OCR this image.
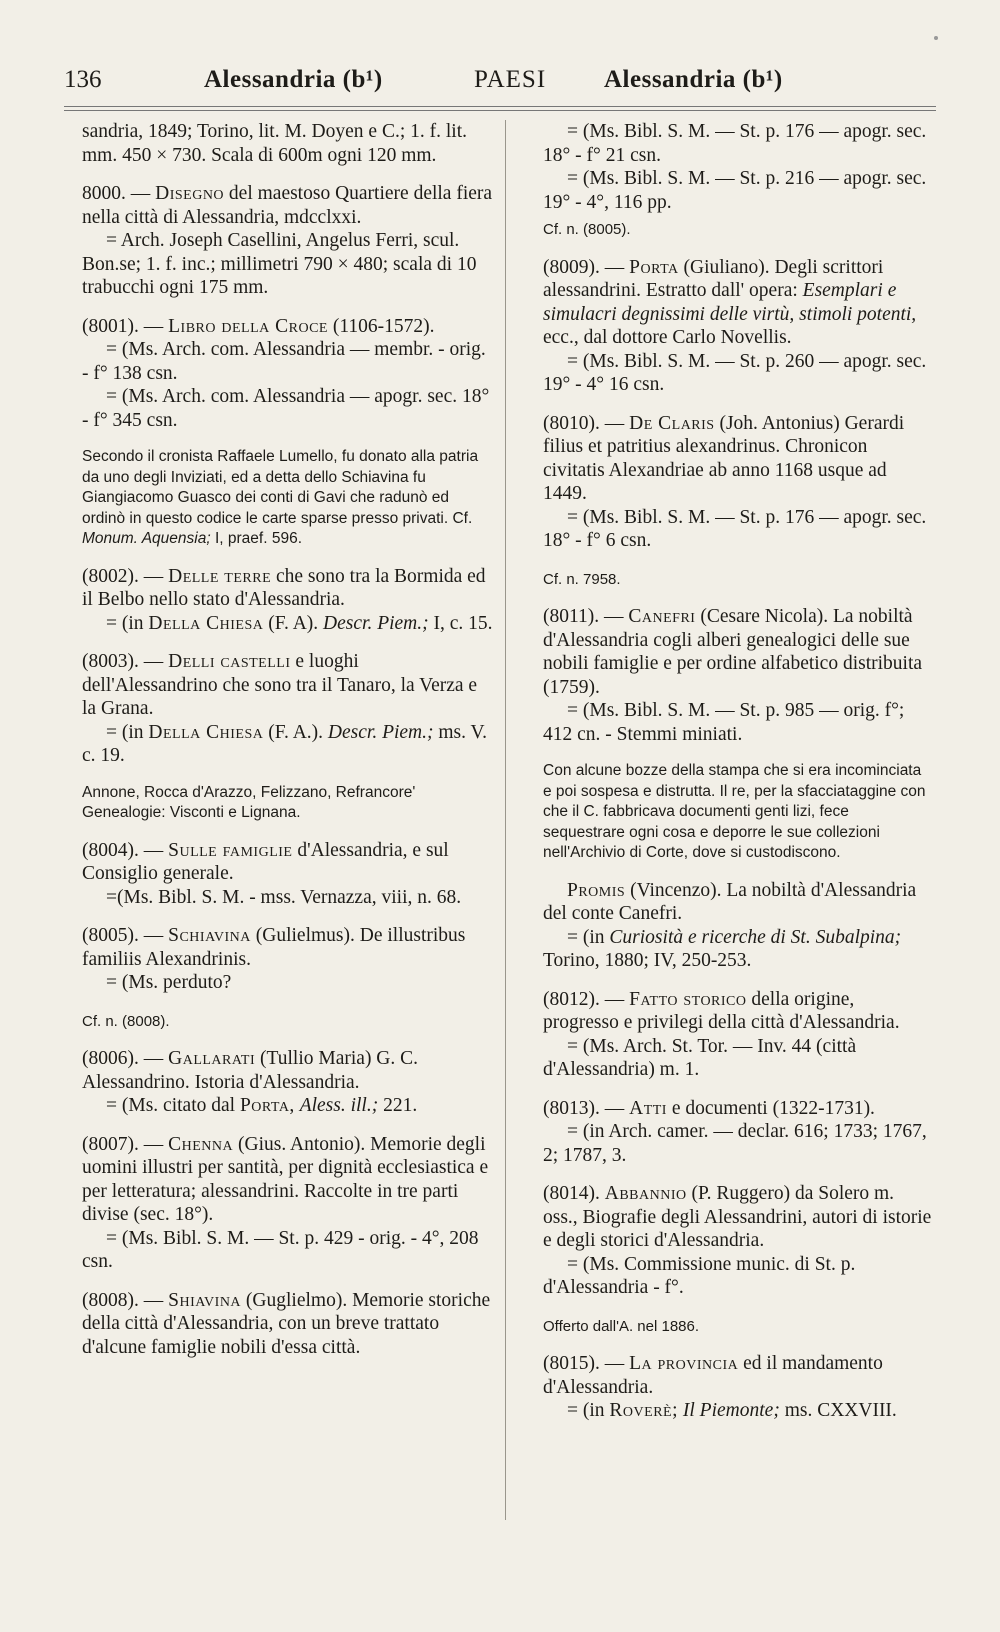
136	Alessandria (b¹)	PAESI Alessandria (b¹)

sandria, 1849; Torino, lit. M. Doyen e C.; 1. f. lit. mm. 450 × 730. Scala di 600m ogni 120 mm.

8000. — Disegno del maestoso Quartiere della fiera nella città di Alessandria, mdcclxxi.

= Arch. Joseph Casellini, Angelus Ferri, scul. Bon.se; 1. f. inc.; millimetri 790 × 480; scala di 10 trabucchi ogni 175 mm.

(8001). — Libro della Croce (1106-1572).

= (Ms. Arch. com. Alessandria — membr. - orig. - f° 138 csn.

= (Ms. Arch. com. Alessandria — apogr. sec. 18° - f° 345 csn.

Secondo il cronista Raffaele Lumello, fu donato alla patria da uno degli Inviziati, ed a detta dello Schiavina fu Giangiacomo Guasco dei conti di Gavi che radunò ed ordinò in questo codice le carte sparse presso privati. Cf. Monum. Aquensia; I, praef. 596.

(8002). — Delle terre che sono tra la Bormida ed il Belbo nello stato d'Alessandria.

= (in Della Chiesa (F. A). Descr. Piem.; I, c. 15.

(8003). — Delli castelli e luoghi dell'Alessandrino che sono tra il Tanaro, la Verza e la Grana.

= (in Della Chiesa (F. A.). Descr. Piem.; ms. V. c. 19.

Annone, Rocca d'Arazzo, Felizzano, Refrancore' Genealogie: Visconti e Lignana.

(8004). — Sulle famiglie d'Alessandria, e sul Consiglio generale.

=(Ms. Bibl. S. M. - mss. Vernazza, viii, n. 68.

(8005). — Schiavina (Gulielmus). De illustribus familiis Alexandrinis.

= (Ms. perduto?

Cf. n. (8008).

(8006). — Gallarati (Tullio Maria) G. C. Alessandrino. Istoria d'Alessandria.

= (Ms. citato dal Porta, Aless. ill.; 221.

(8007). — Chenna (Gius. Antonio). Memorie degli uomini illustri per santità, per dignità ecclesiastica e per letteratura; alessandrini. Raccolte in tre parti divise (sec. 18°).

= (Ms. Bibl. S. M. — St. p. 429 - orig. - 4°, 208 csn.

(8008). — Shiavina (Guglielmo). Memorie storiche della città d'Alessandria, con un breve trattato d'alcune famiglie nobili d'essa città.

= (Ms. Bibl. S. M. — St. p. 176 — apogr. sec. 18° - f° 21 csn.

= (Ms. Bibl. S. M. — St. p. 216 — apogr. sec. 19° - 4°, 116 pp.

Cf. n. (8005).

(8009). — Porta (Giuliano). Degli scrittori alessandrini. Estratto dall' opera: Esemplari e simulacri degnissimi delle virtù, stimoli potenti, ecc., dal dottore Carlo Novellis.

= (Ms. Bibl. S. M. — St. p. 260 — apogr. sec. 19° - 4° 16 csn.

(8010). — De Claris (Joh. Antonius) Gerardi filius et patritius alexandrinus. Chronicon civitatis Alexandriae ab anno 1168 usque ad 1449.

= (Ms. Bibl. S. M. — St. p. 176 — apogr. sec. 18° - f° 6 csn.

Cf. n. 7958.

(8011). — Canefri (Cesare Nicola). La nobiltà d'Alessandria cogli alberi genealogici delle sue nobili famiglie e per ordine alfabetico distribuita (1759).

= (Ms. Bibl. S. M. — St. p. 985 — orig. f°; 412 cn. - Stemmi miniati.

Con alcune bozze della stampa che si era incominciata e poi sospesa e distrutta. Il re, per la sfacciataggine con che il C. fabbricava documenti genti lizi, fece sequestrare ogni cosa e deporre le sue collezioni nell'Archivio di Corte, dove si custodiscono.

Promis (Vincenzo). La nobiltà d'Alessandria del conte Canefri.

= (in Curiosità e ricerche di St. Subalpina; Torino, 1880; IV, 250-253.

(8012). — Fatto storico della origine, progresso e privilegi della città d'Alessandria.

= (Ms. Arch. St. Tor. — Inv. 44 (città d'Alessandria) m. 1.

(8013). — Atti e documenti (1322-1731).

= (in Arch. camer. — declar. 616; 1733; 1767, 2; 1787, 3.

(8014). Abbannio (P. Ruggero) da Solero m. oss., Biografie degli Alessandrini, autori di istorie e degli storici d'Alessandria.

= (Ms. Commissione munic. di St. p. d'Alessandria - f°.

Offerto dall'A. nel 1886.

(8015). — La provincia ed il mandamento d'Alessandria.

= (in Roverè; Il Piemonte; ms. CXXVIII.
